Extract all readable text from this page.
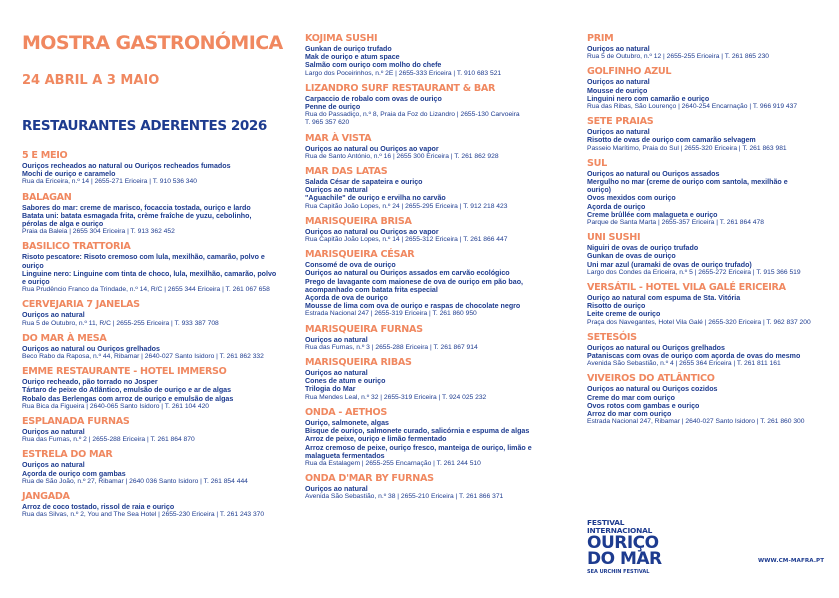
MOSTRA GASTRONÓMICA
24 ABRIL A 3 MAIO
RESTAURANTES ADERENTES 2026
5 E MEIO
Ouriços recheados ao natural ou Ouriços recheados fumados
Mochi de ouriço e caramelo
Rua da Ericeira, n.º 14 | 2655-271 Ericeira | T. 910 536 340
BALAGAN
Sabores do mar: creme de marisco, focaccia tostada, ouriço e lardo
Batata uni: batata esmagada frita, crème fraîche de yuzu, cebolinho, pérolas de alga e ouriço
Praia da Baleia | 2655 304 Ericeira | T. 913 362 452
BASILICO TRATTORIA
Risoto pescatore: Risoto cremoso com lula, mexilhão, camarão, polvo e ouriço
Linguine nero: Linguine com tinta de choco, lula, mexilhão, camarão, polvo e ouriço
Rua Prudêncio Franco da Trindade, n.º 14, R/C | 2655 344 Ericeira | T. 261 067 658
CERVEJARIA 7 JANELAS
Ouriços ao natural
Rua 5 de Outubro, n.º 11, R/C | 2655-255 Ericeira | T. 933 387 708
DO MAR À MESA
Ouriços ao natural ou Ouriços grelhados
Beco Rabo da Raposa, n.º 44, Ribamar | 2640-027 Santo Isidoro | T. 261 862 332
EMME RESTAURANTE - HOTEL IMMERSO
Ouriço recheado, pão torrado no Josper
Tártaro de peixe do Atlântico, emulsão de ouriço e ar de algas
Robalo das Berlengas com arroz de ouriço e emulsão de algas
Rua Bica da Figueira | 2640-065 Santo Isidoro | T. 261 104 420
ESPLANADA FURNAS
Ouriços ao natural
Rua das Furnas, n.º 2 | 2655-288 Ericeira | T. 261 864 870
ESTRELA DO MAR
Ouriços ao natural
Açorda de ouriço com gambas
Rua de São João, n.º 27, Ribamar | 2640 036 Santo Isidoro | T. 261 854 444
JANGADA
Arroz de coco tostado, rissol de raia e ouriço
Rua das Silvas, n.º 2, You and The Sea Hotel | 2655-230 Ericeira | T. 261 243 370
KOJIMA SUSHI
Gunkan de ouriço trufado
Mak de ouriço e atum space
Salmão com ouriço com molho do chefe
Largo dos Poceirinhos, n.º 2E | 2655-333 Ericeira | T. 910 683 521
LIZANDRO SURF RESTAURANT & BAR
Carpaccio de robalo com ovas de ouriço
Penne de ouriço
Rua do Passadiço, n.º 8, Praia da Foz do Lizandro | 2655-130 Carvoeira
T. 965 357 620
MAR À VISTA
Ouriços ao natural ou Ouriços ao vapor
Rua de Santo António, n.º 16 | 2655 300 Ericeira | T. 261 862 928
MAR DAS LATAS
Salada César de sapateira e ouriço
Ouriços ao natural
"Aguachile" de ouriço e ervilha no carvão
Rua Capitão João Lopes, n.º 24 | 2655-295 Ericeira | T. 912 218 423
MARISQUEIRA BRISA
Ouriços ao natural ou Ouriços ao vapor
Rua Capitão João Lopes, n.º 14 | 2655-312 Ericeira | T. 261 866 447
MARISQUEIRA CÉSAR
Consomé de ova de ouriço
Ouriços ao natural ou Ouriços assados em carvão ecológico
Prego de lavagante com maionese de ova de ouriço em pão bao, acompanhado com batata frita especial
Açorda de ova de ouriço
Mousse de lima com ova de ouriço e raspas de chocolate negro
Estrada Nacional 247 | 2655-319 Ericeira | T. 261 860 950
MARISQUEIRA FURNAS
Ouriços ao natural
Rua das Furnas, n.º 3 | 2655-288 Ericeira | T. 261 867 914
MARISQUEIRA RIBAS
Ouriços ao natural
Cones de atum e ouriço
Trilogia do Mar
Rua Mendes Leal, n.º 32 | 2655-319 Ericeira | T. 924 025 232
ONDA - AETHOS
Ouriço, salmonete, algas
Bisque de ouriço, salmonete curado, salicórnia e espuma de algas
Arroz de peixe, ouriço e limão fermentado
Arroz cremoso de peixe, ouriço fresco, manteiga de ouriço, limão e malagueta fermentados
Rua da Estalagem | 2655-255 Encarnação | T. 261 244 510
ONDA D'MAR BY FURNAS
Ouriços ao natural
Avenida São Sebastião, n.º 38 | 2655-210 Ericeira | T. 261 866 371
PRIM
Ouriços ao natural
Rua 5 de Outubro, n.º 12 | 2655-255 Ericeira | T. 261 865 230
GOLFINHO AZUL
Ouriços ao natural
Mousse de ouriço
Linguini nero com camarão e ouriço
Rua das Ribas, São Lourenço | 2640-254 Encarnação | T. 966 919 437
SETE PRAIAS
Ouriços ao natural
Risotto de ovas de ouriço com camarão selvagem
Passeio Marítimo, Praia do Sul | 2655-320 Ericeira | T. 261 863 981
SUL
Ouriços ao natural ou Ouriços assados
Mergulho no mar (creme de ouriço com santola, mexilhão e ouriço)
Ovos mexidos com ouriço
Açorda de ouriço
Creme brûllée com malagueta e ouriço
Parque de Santa Marta | 2655-357 Ericeira | T. 261 864 478
UNI SUSHI
Niguiri de ovas de ouriço trufado
Gunkan de ovas de ouriço
Uni mar azul (uramaki de ovas de ouriço trufado)
Largo dos Condes da Ericeira, n.º 5 | 2655-272 Ericeira | T. 915 366 519
VERSÁTIL - HOTEL VILA GALÉ ERICEIRA
Ouriço ao natural com espuma de Sta. Vitória
Risotto de ouriço
Leite creme de ouriço
Praça dos Navegantes, Hotel Vila Galé | 2655-320 Ericeira | T. 962 837 200
SETESÓIS
Ouriços ao natural ou Ouriços grelhados
Pataniscas com ovas de ouriço com açorda de ovas do mesmo
Avenida São Sebastião, n.º 4 | 2655 364 Ericeira | T. 261 811 161
VIVEIROS DO ATLÂNTICO
Ouriços ao natural ou Ouriços cozidos
Creme do mar com ouriço
Ovos rotos com gambas e ouriço
Arroz do mar com ouriço
Estrada Nacional 247, Ribamar | 2640-027 Santo Isidoro | T. 261 860 300
FESTIVAL
INTERNACIONAL
OURIÇO
DO MAR
SEA URCHIN FESTIVAL
WWW.CM-MAFRA.PT
